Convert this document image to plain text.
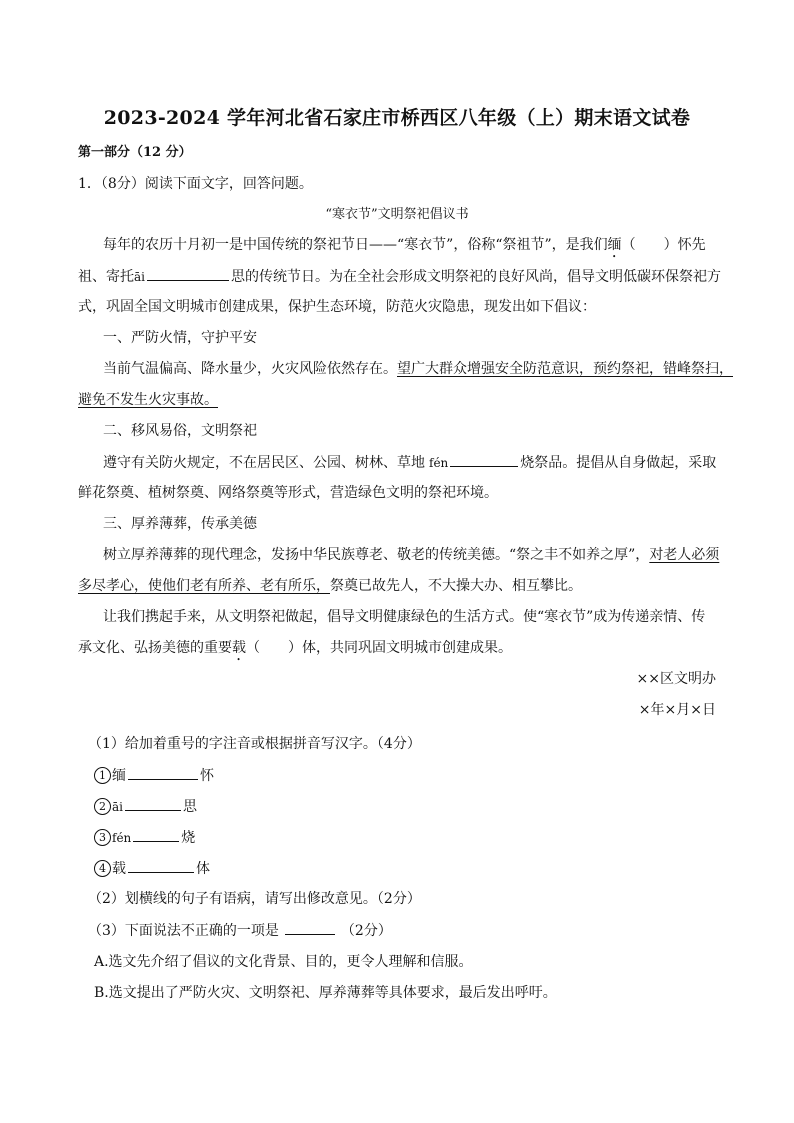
2023-2024 学年河北省石家庄市桥西区八年级（上）期末语文试卷
第一部分（12 分）
1．（8分）阅读下面文字，回答问题。
“寒衣节”文明祭祀倡议书
每年的农历十月初一是中国传统的祭祀节日——“寒衣节”，俗称“祭祖节”，是我们缅（　　）怀先
祖、寄托āi	思的传统节日。为在全社会形成文明祭祀的良好风尚，倡导文明低碳环保祭祀方
式，巩固全国文明城市创建成果，保护生态环境，防范火灾隐患，现发出如下倡议：
一、严防火情，守护平安
当前气温偏高、降水量少，火灾风险依然存在。望广大群众增强安全防范意识，预约祭祀，错峰祭扫，
避免不发生火灾事故。
二、移风易俗，文明祭祀
遵守有关防火规定，不在居民区、公园、树林、草地 fén	烧祭品。提倡从自身做起，采取
鲜花祭奠、植树祭奠、网络祭奠等形式，营造绿色文明的祭祀环境。
三、厚养薄葬，传承美德
树立厚养薄葬的现代理念，发扬中华民族尊老、敬老的传统美德。“祭之丰不如养之厚”，对老人必须
多尽孝心，使他们老有所养、老有所乐，祭奠已故先人，不大操大办、相互攀比。
让我们携起手来，从文明祭祀做起，倡导文明健康绿色的生活方式。使“寒衣节”成为传递亲情、传
承文化、弘扬美德的重要载（　　）体，共同巩固文明城市创建成果。
××区文明办
×年×月×日
（1）给加着重号的字注音或根据拼音写汉字。（4分）
1 缅	怀
2 āi	思
3 fén	烧
4 载	体
（2）划横线的句子有语病，请写出修改意见。（2分）
（3）下面说法不正确的一项是	（2分）
A.选文先介绍了倡议的文化背景、目的，更令人理解和信服。
B.选文提出了严防火灾、文明祭祀、厚养薄葬等具体要求，最后发出呼吁。
